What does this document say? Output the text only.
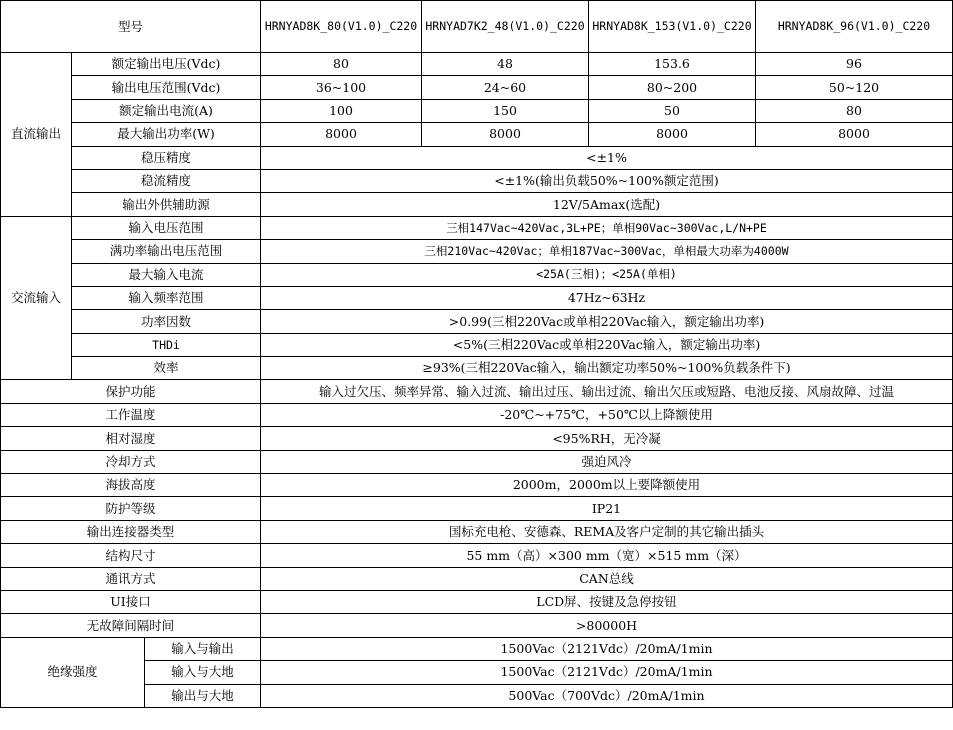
型号			HRNYAD8K_80(V1.0)_C220	HRNYAD7K2_48(V1.0)_C220	HRNYAD8K_153(V1.0)_C220	HRNYAD8K_96(V1.0)_C220
直流输出	额定输出电压(Vdc)		80	48	153.6	96
	输出电压范围(Vdc)		36~100	24~60	80~200	50~120
	额定输出电流(A)		100	150	50	80
	最大输出功率(W)		8000	8000	8000	8000
	稳压精度		<±1%			
	稳流精度		<±1%(输出负载50%~100%额定范围)			
	输出外供辅助源		12V/5Amax(选配)			
交流输入	输入电压范围		三相147Vac~420Vac,3L+PE；单相90Vac~300Vac,L/N+PE			
	满功率输出电压范围		三相210Vac~420Vac；单相187Vac~300Vac，单相最大功率为4000W			
	最大输入电流		<25A(三相)；<25A(单相)			
	输入频率范围		47Hz~63Hz			
	功率因数		>0.99(三相220Vac或单相220Vac输入，额定输出功率)			
	THDi		<5%(三相220Vac或单相220Vac输入，额定输出功率)			
	效率		≥93%(三相220Vac输入，输出额定功率50%~100%负载条件下)			
保护功能			输入过欠压、频率异常、输入过流、输出过压、输出过流、输出欠压或短路、电池反接、风扇故障、过温			
工作温度			-20℃~+75℃，+50℃以上降额使用			
相对湿度			<95%RH，无冷凝			
冷却方式			强迫风冷			
海拔高度			2000m，2000m以上要降额使用			
防护等级			IP21			
输出连接器类型			国标充电枪、安德森、REMA及客户定制的其它输出插头			
结构尺寸			55 mm（高）×300 mm（宽）×515 mm（深）			
通讯方式			CAN总线			
UI接口			LCD屏、按键及急停按钮			
无故障间隔时间			>80000H			
绝缘强度		输入与输出	1500Vac（2121Vdc）/20mA/1min			
		输入与大地	1500Vac（2121Vdc）/20mA/1min			
		输出与大地	500Vac（700Vdc）/20mA/1min			
